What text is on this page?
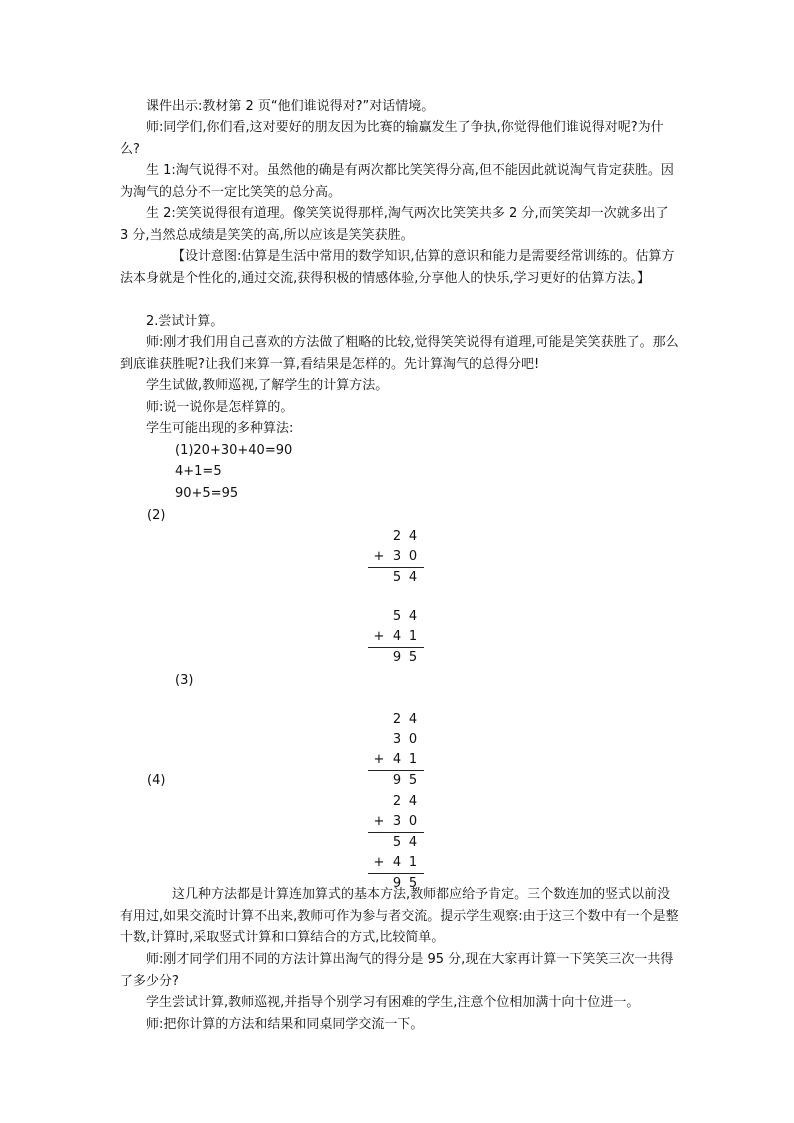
课件出示:教材第 2 页“他们谁说得对?”对话情境。
师:同学们,你们看,这对要好的朋友因为比赛的输赢发生了争执,你觉得他们谁说得对呢?为什么?
生 1:淘气说得不对。虽然他的确是有两次都比笑笑得分高,但不能因此就说淘气肯定获胜。因为淘气的总分不一定比笑笑的总分高。
生 2:笑笑说得很有道理。像笑笑说得那样,淘气两次比笑笑共多 2 分,而笑笑却一次就多出了 3 分,当然总成绩是笑笑的高,所以应该是笑笑获胜。
【设计意图:估算是生活中常用的数学知识,估算的意识和能力是需要经常训练的。估算方法本身就是个性化的,通过交流,获得积极的情感体验,分享他人的快乐,学习更好的估算方法。】
2.尝试计算。
师:刚才我们用自己喜欢的方法做了粗略的比较,觉得笑笑说得有道理,可能是笑笑获胜了。那么到底谁获胜呢?让我们来算一算,看结果是怎样的。先计算淘气的总得分吧!
学生试做,教师巡视,了解学生的计算方法。
师:说一说你是怎样算的。
学生可能出现的多种算法:
(1)20+30+40=90
4+1=5
90+5=95
(2)
2 4
+ 3 0
5 4
5 4
+ 4 1
9 5
(3)
2 4
3 0
+ 4 1
9 5
(4)
2 4
+ 3 0
5 4
+ 4 1
9 5
这几种方法都是计算连加算式的基本方法,教师都应给予肯定。三个数连加的竖式以前没有用过,如果交流时计算不出来,教师可作为参与者交流。提示学生观察:由于这三个数中有一个是整十数,计算时,采取竖式计算和口算结合的方式,比较简单。
师:刚才同学们用不同的方法计算出淘气的得分是 95 分,现在大家再计算一下笑笑三次一共得了多少分?
学生尝试计算,教师巡视,并指导个别学习有困难的学生,注意个位相加满十向十位进一。
师:把你计算的方法和结果和同桌同学交流一下。
